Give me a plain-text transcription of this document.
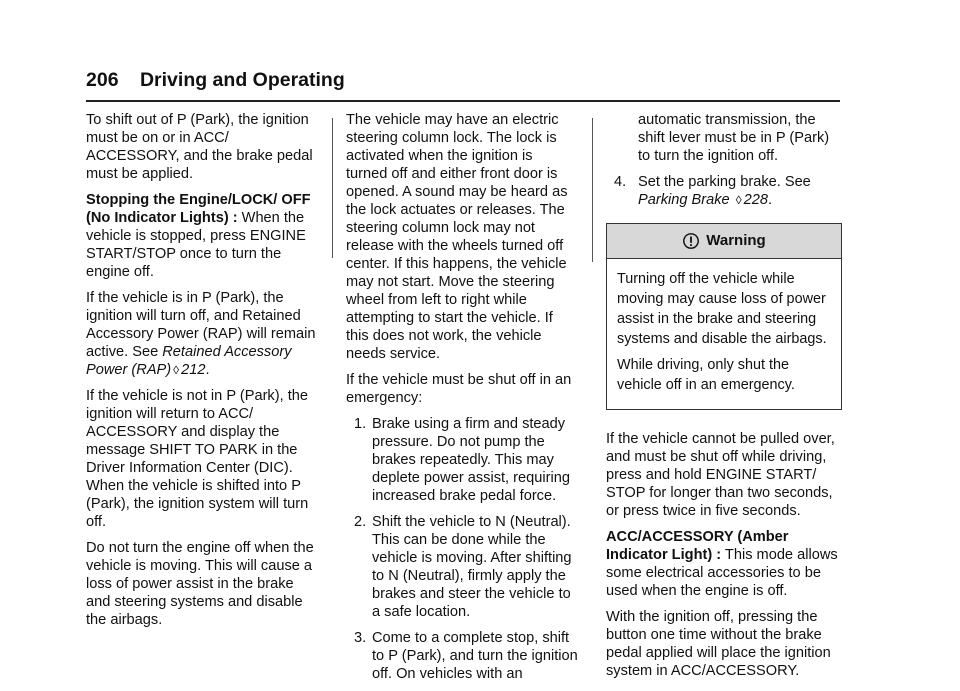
206 Driving and Operating

To shift out of P (Park), the ignition must be on or in ACC/ ACCESSORY, and the brake pedal must be applied.

Stopping the Engine/LOCK/ OFF (No Indicator Lights) : When the vehicle is stopped, press ENGINE START/STOP once to turn the engine off.

If the vehicle is in P (Park), the ignition will turn off, and Retained Accessory Power (RAP) will remain active. See Retained Accessory Power (RAP) ◊ 212.

If the vehicle is not in P (Park), the ignition will return to ACC/ ACCESSORY and display the message SHIFT TO PARK in the Driver Information Center (DIC). When the vehicle is shifted into P (Park), the ignition system will turn off.

Do not turn the engine off when the vehicle is moving. This will cause a loss of power assist in the brake and steering systems and disable the airbags.

The vehicle may have an electric steering column lock. The lock is activated when the ignition is turned off and either front door is opened. A sound may be heard as the lock actuates or releases. The steering column lock may not release with the wheels turned off center. If this happens, the vehicle may not start. Move the steering wheel from left to right while attempting to start the vehicle. If this does not work, the vehicle needs service.

If the vehicle must be shut off in an emergency:

1. Brake using a firm and steady pressure. Do not pump the brakes repeatedly. This may deplete power assist, requiring increased brake pedal force.
2. Shift the vehicle to N (Neutral). This can be done while the vehicle is moving. After shifting to N (Neutral), firmly apply the brakes and steer the vehicle to a safe location.
3. Come to a complete stop, shift to P (Park), and turn the ignition off. On vehicles with an
automatic transmission, the shift lever must be in P (Park) to turn the ignition off.
4. Set the parking brake. See Parking Brake ◊ 228.
Warning

Turning off the vehicle while moving may cause loss of power assist in the brake and steering systems and disable the airbags.

While driving, only shut the vehicle off in an emergency.

If the vehicle cannot be pulled over, and must be shut off while driving, press and hold ENGINE START/ STOP for longer than two seconds, or press twice in five seconds.

ACC/ACCESSORY (Amber Indicator Light) : This mode allows some electrical accessories to be used when the engine is off.

With the ignition off, pressing the button one time without the brake pedal applied will place the ignition system in ACC/ACCESSORY.
